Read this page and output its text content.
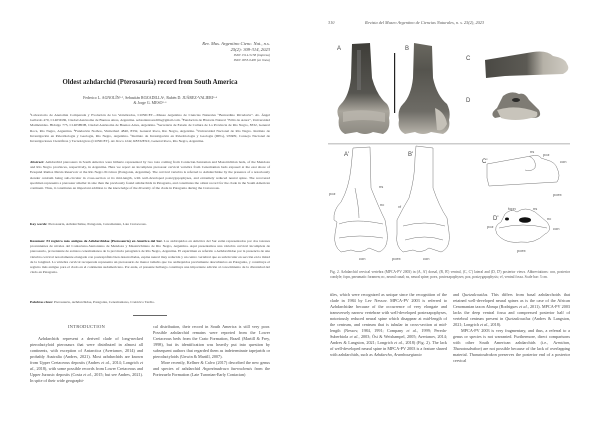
Rev. Mus. Argentino Cienc. Nat., n.s.
25(2): 309-314, 2023
ISSN 1514-5158 (impresa)
ISSN 1853-0400 (en línea)
Oldest azhdarchid (Pterosauria) record from South America
Federico L. AGNOLÍN¹·², Sebastián ROZADILLA¹, Rubén D. JUÁREZ-VALIERI³·⁴
& Jorge G. MESO⁵·⁶
¹Laboratorio de Anatomía Comparada y Evolución de los Vertebrados, CONICET—Museo Argentino de Ciencias Naturales “Bernardino Rivadavia”. Av. Ángel Gallardo 470, C1405DJR, Ciudad Autónoma de Buenos Aires, Argentina. sebastianrozadilla@gmail.com. ²Fundación de Historia Natural “Félix de Azara”, Universidad Maimónides. Hidalgo 775, C1405BDB, Ciudad Autónoma de Buenos Aires, Argentina. ³Secretaría de Estado de Cultura de La Provincia de Río Negro, 8332, General Roca, Río Negro, Argentina. ⁴Fundación Nothos, Viniterberi 4840, 8332, General Roca, Río Negro, Argentina. ⁵Universidad Nacional de Río Negro. Instituto de Investigación en Paleobiología y Geología, Río Negro, Argentina. ⁶Instituto de Investigación en Paleobiología y Geología (IIPG), UNRN, Consejo Nacional de Investigaciones Científicas y Tecnológicas (CONICET). Av. Roca 1242, R8332EXZ, General Roca, Río Negro, Argentina.
Abstract: Azhdarchid pterosaurs in South America were hitherto represented by two taxa coming from Coniacian-Santonian and Maastrichtian beds, of the Mendoza and Río Negro provinces, respectively, in Argentina. Here we report an incomplete pterosaur cervical vertebra from Cenomanian beds exposed at the east shore of Ezequiel Ramos Mexía Reservoir at the Río Negro Province (Patagonia, Argentina). The cervical vertebra is referred to Azhdarchidae by the presence of a notoriously slender centrum being sub-circular in cross-section at its mid-length, with well-developed postzygapophyses, and extremely reduced neural spine. The recovered specimen represents a pterosaur smaller in size than the previously found azhdarchids in Patagonia, and constitutes the oldest record for the clade in the South American continent. Thus, it constitutes an important addition to the knowledge of the diversity of the clade in Patagonia during the Cretaceous.
Key words: Pterosauria, Azhdarchidae, Patagonia, Cenomanian, Late Cretaceous.
Resumen: El registro más antiguo de Azhdarchidae (Pterosauria) en América del Sur. Los azdárquidos en América del Sur están representados por dos taxones provenientes de niveles del Coniaciano-Santoniano de Mendoza y Maastrichtiano de Río Negro, Argentina. Aquí presentamos una vértebra cervical incompleta de pterosaurio, proveniente de estratos cenomanianos de la provincia patagónica de Río Negro, Argentina. El espécimen es referido a Azhdarchidae por la presencia de una vértebra cervical notoriamente elongada con postzapófisis bien desarrolladas, espina neural muy reducida y un centro vertebral que es subcircular en sección en la mitad de la longitud. La vértebra cervical recuperada representa un pterosaurio de menor tamaño que los azdárquidos previamente descubiertos en Patagonia, y constituye el registro más antiguo para el clado en el continente sudamericano. Por ende, el presente hallazgo constituye una importante adición al conocimiento de la diversidad del clado en Patagonia.
Palabras clave: Pterosauria, Azhdarchidae, Patagonia, Cenomaniano, Cretácico Tardío.
INTRODUCTION

Azhdarchids represent a derived clade of long-necked pterodactyloid pterosaurs that were distributed in almost all continents, with exception of Antarctica (Averianov, 2014) and probably Australia (Andres, 2021). Most azhdarchids are known from Upper Cretaceous deposits (Andres et al., 2014; Longrich et al., 2018), with some possible records from Lower Cretaceous and Upper Jurassic deposits (Costa et al., 2015; but see Andres, 2021). In spite of their wide geographi-

cal distribution, their record in South America is still very poor. Possible azhdarchid remains were reported from the Lower Cretaceous beds from the Crato Formation, Brazil (Martill & Frey, 1998), but its identification was heavily put into question by subsequent authors that regarded them as indeterminate tapejarids or pterodactyloids (Unwin & Martill, 2007).

More recently, Kellner & Calvo (2017) described the new genus and species of azhdarchid Argentinadraco barrealensis from the Portezuelo Formation (Late Turonian-Early Coniacian)

310	Revista del Museo Argentino de Ciencias Naturales, n. s. 25(2), 2023
A	B
C
D
A'	B'
C'
D'
poz
ns
nc
con	poex	con
vf
ns
poz
con
poex
fopn	ns
nc
poz	con
poex
Fig. 2. Azhdarchid cervical vertebra (MPCA-PV 2003) in (A, A') dorsal, (B, B') ventral, (C, C') lateral and (D, D') posterior views. Abbreviations: con, posterior condyle; fopn, pneumatic foramen; nc, neural canal; ns, neural spine; poex, postexapophyses; poz, postzygapophysis; vf, ventral fossa. Scale bar: 3 cm.

tiles, which were recognized as unique since the recognition of the clade in 1984 by Lev Nessov. MPCA-PV 2003 is referred to Azhdarchidae because of the occurrence of very elongate and transversely narrow vertebrae with well-developed postexapophyses, notoriously reduced neural spine which disappear at mid-length of the centrum, and centrum that is tubular in cross-section at mid-length (Nessov, 1984, 1991; Company et al., 1999; Pereda-Suberbiola et al., 2003; Ösi & Weishampel, 2005; Averianov, 2014; Andres & Langston, 2021; Longrich et al., 2018) (Fig. 2). The lack of well-developed neural spine in MPCA-PV 2003 is a feature shared with azhdarchids, such as Azhdarcho, Arambourgiania

and Quetzalcoatlus. This differs from basal azhdarchoids that retained well-developed neural spines as is the case of the African Cenomanian taxon Alanqa (Rodrigues et al., 2011). MPCA-PV 2003 lacks the deep ventral fossa and compressed posterior half of vertebral centrum present in Quetzalcoatlus (Andres & Langston, 2021; Longrich et al., 2018).

MPCA-PV 2003 is very fragmentary, and thus, a referral to a genus or species is not warranted. Furthermore, direct comparisons with other South American azhdarchids (i.e., Aerotitan, Thanatosdrakon) are not possible because of the lack of overlapping material. Thanatosdrakon preserves the posterior end of a posterior cervical
